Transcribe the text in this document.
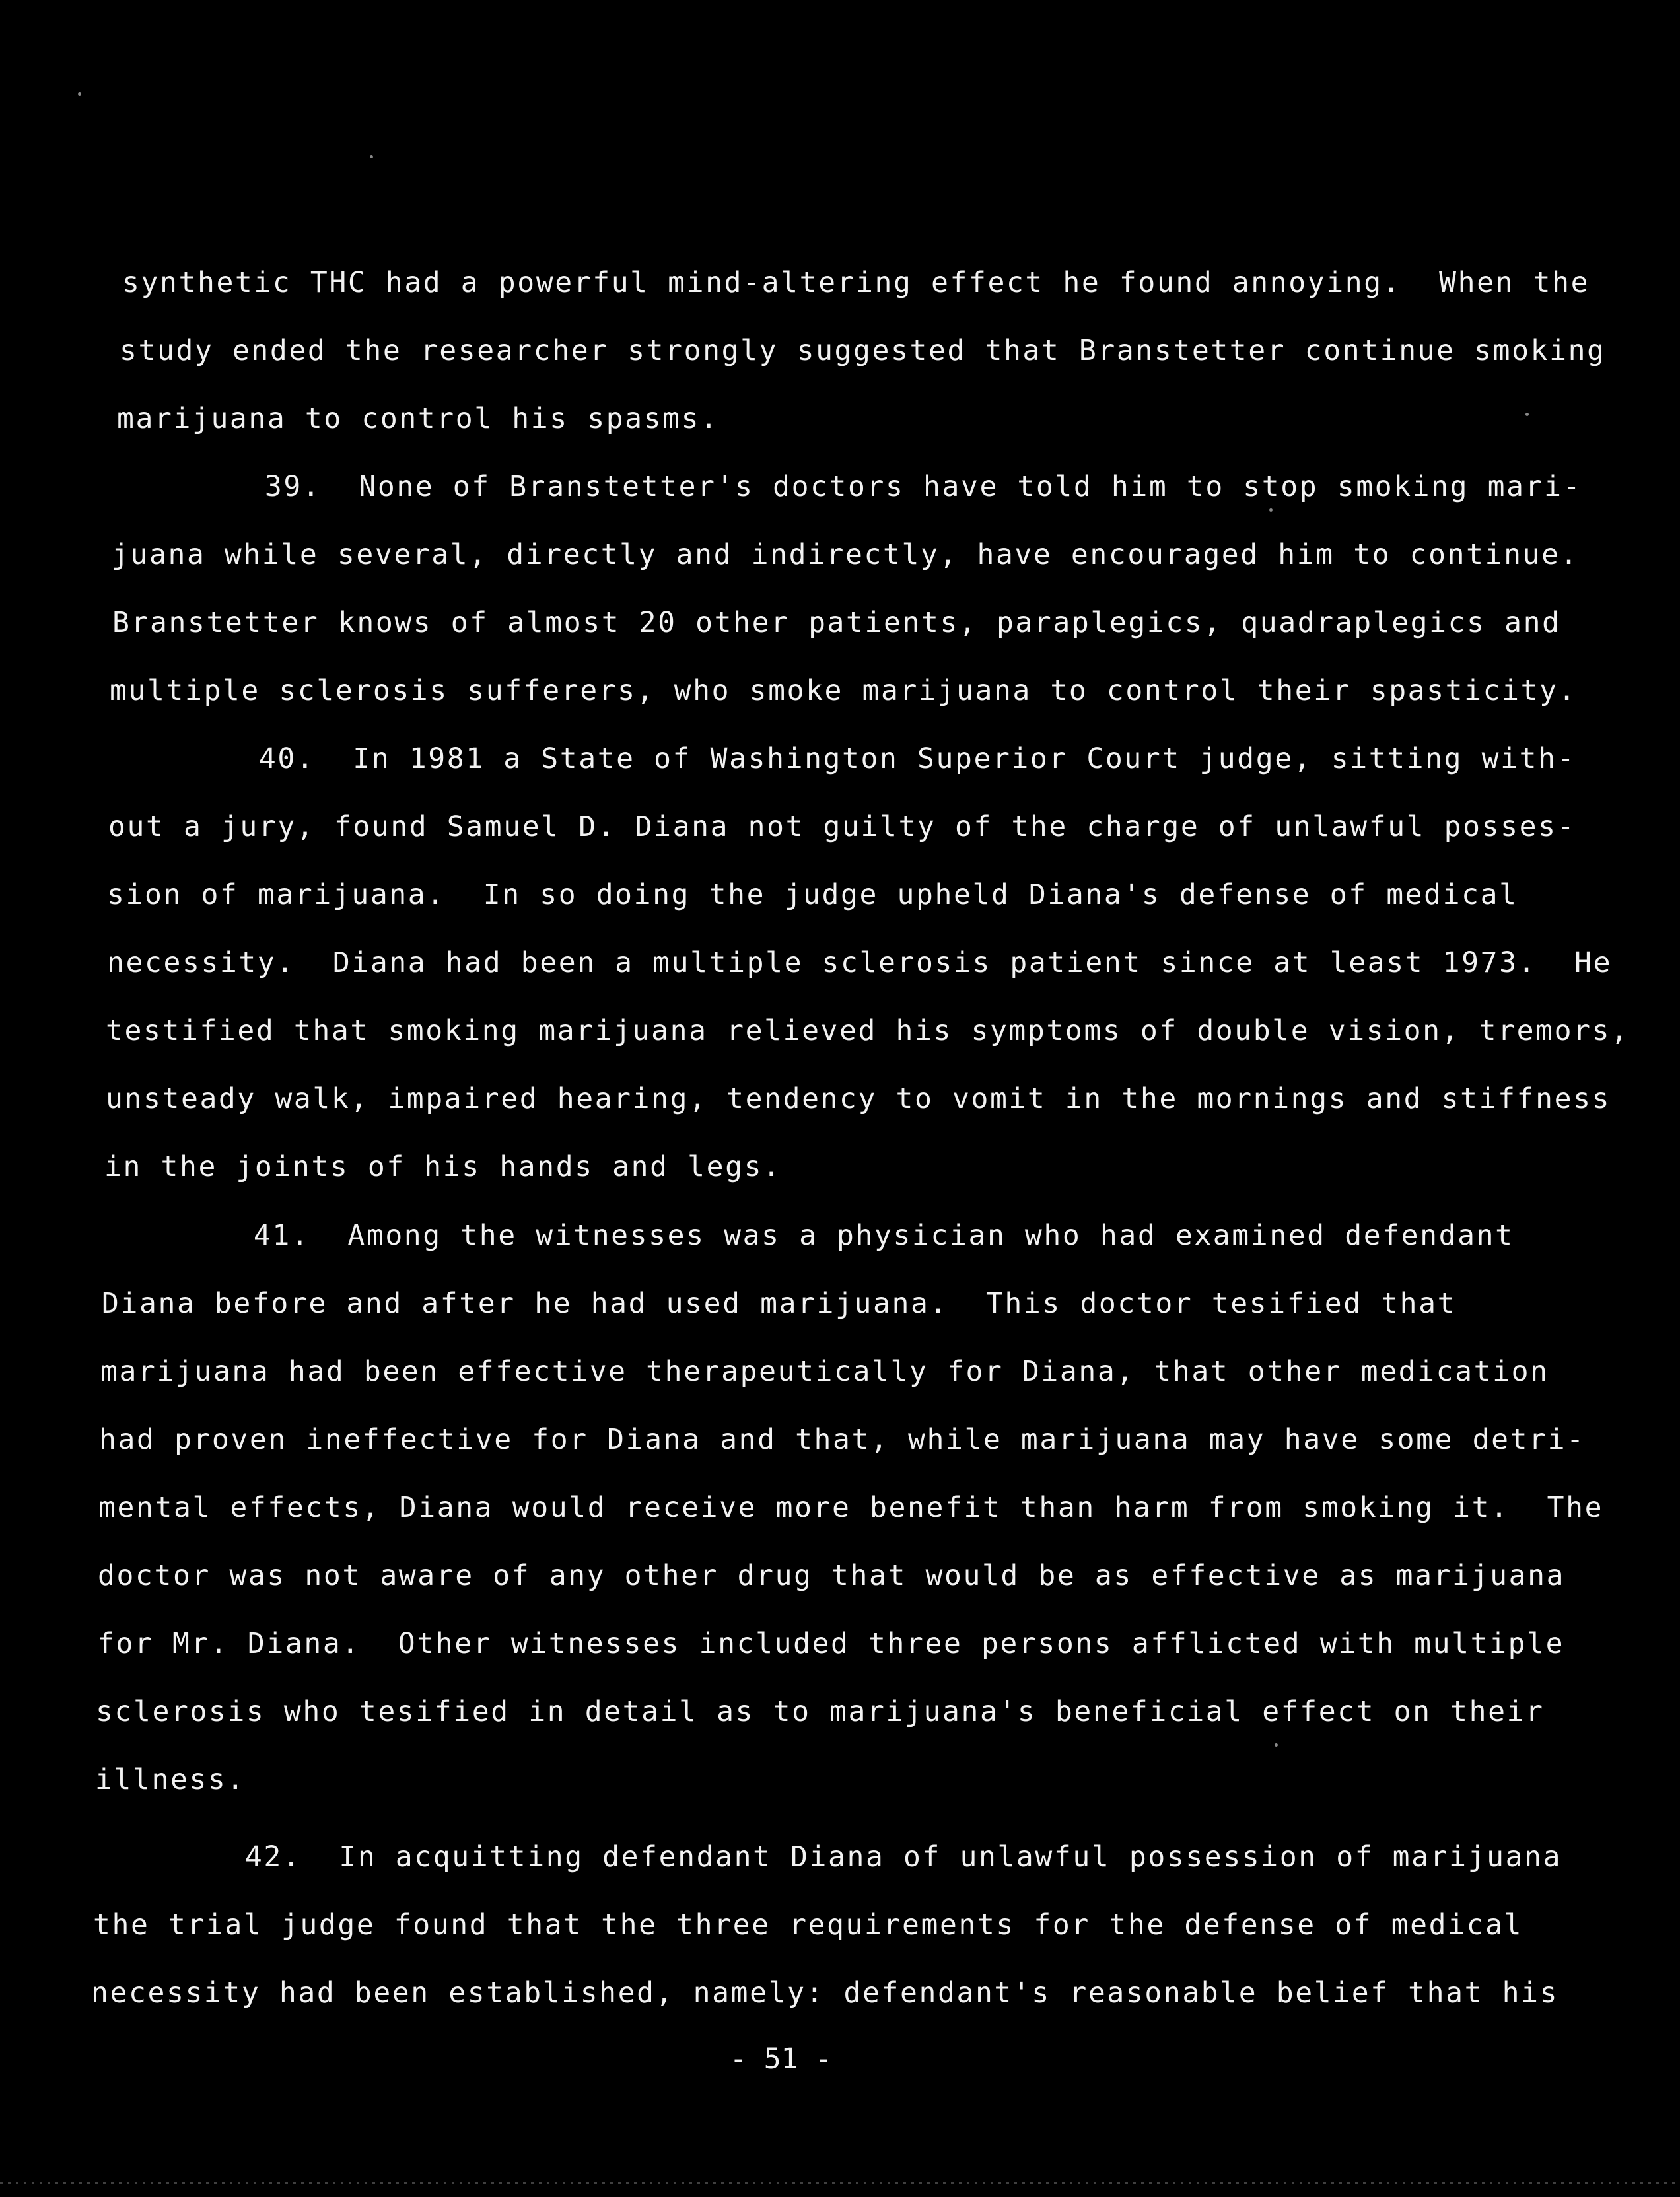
synthetic THC had a powerful mind-altering effect he found annoying.  When the
study ended the researcher strongly suggested that Branstetter continue smoking
marijuana to control his spasms.
39.  None of Branstetter's doctors have told him to stop smoking mari-
juana while several, directly and indirectly, have encouraged him to continue.
Branstetter knows of almost 20 other patients, paraplegics, quadraplegics and
multiple sclerosis sufferers, who smoke marijuana to control their spasticity.
40.  In 1981 a State of Washington Superior Court judge, sitting with-
out a jury, found Samuel D. Diana not guilty of the charge of unlawful posses-
sion of marijuana.  In so doing the judge upheld Diana's defense of medical
necessity.  Diana had been a multiple sclerosis patient since at least 1973.  He
testified that smoking marijuana relieved his symptoms of double vision, tremors,
unsteady walk, impaired hearing, tendency to vomit in the mornings and stiffness
in the joints of his hands and legs.
41.  Among the witnesses was a physician who had examined defendant
Diana before and after he had used marijuana.  This doctor tesified that
marijuana had been effective therapeutically for Diana, that other medication
had proven ineffective for Diana and that, while marijuana may have some detri-
mental effects, Diana would receive more benefit than harm from smoking it.  The
doctor was not aware of any other drug that would be as effective as marijuana
for Mr. Diana.  Other witnesses included three persons afflicted with multiple
sclerosis who tesified in detail as to marijuana's beneficial effect on their
illness.
42.  In acquitting defendant Diana of unlawful possession of marijuana
the trial judge found that the three requirements for the defense of medical
necessity had been established, namely: defendant's reasonable belief that his
- 51 -
